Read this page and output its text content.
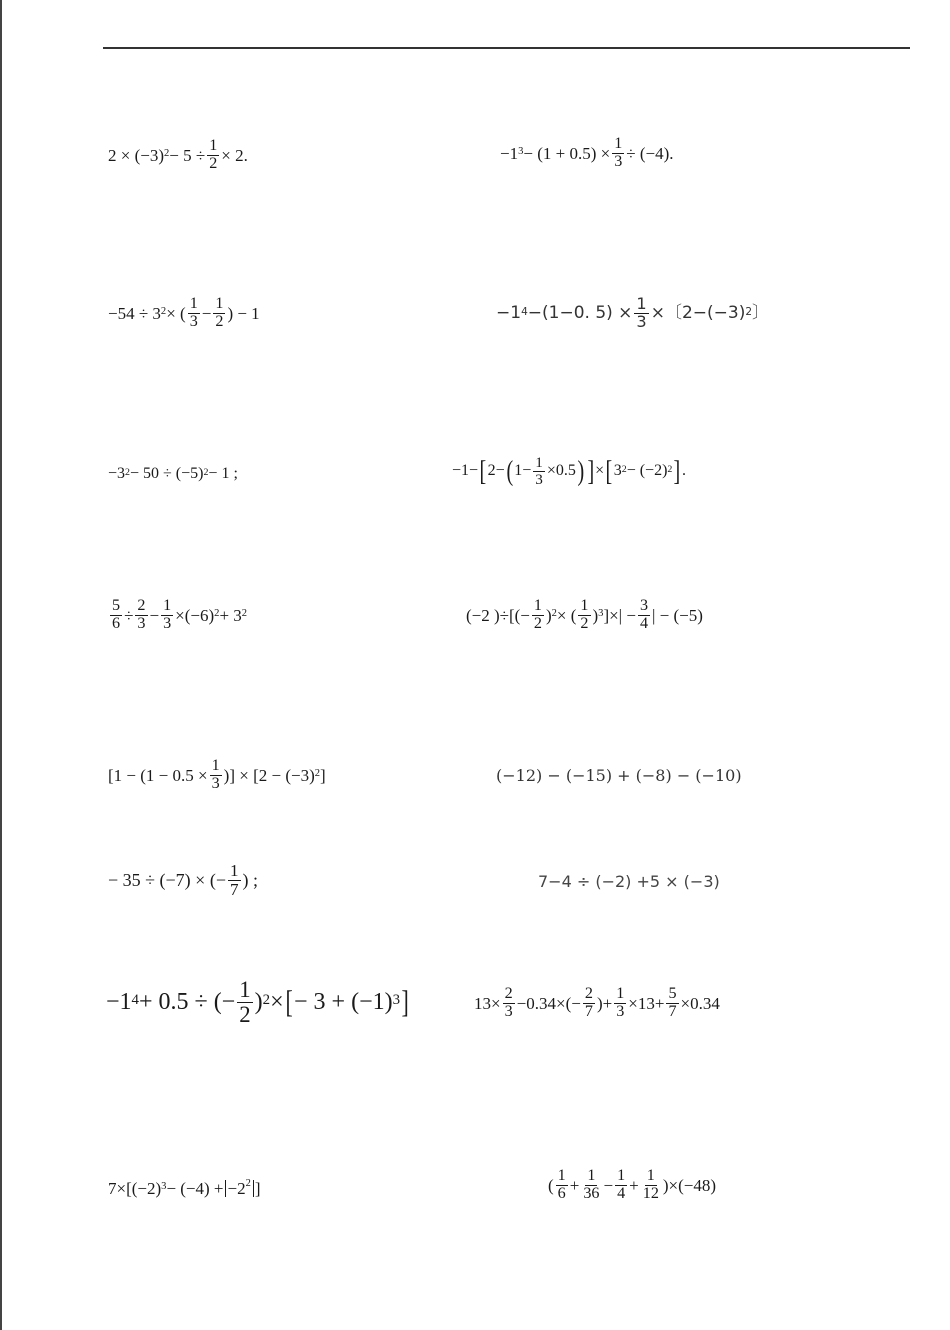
$2 \times (-3)^2 - 5 \div \frac{1}{2} \times 2$.	$-1^3 - (1 + 0.5) \times \frac{1}{3} \div (-4)$.
$-54 \div 3^2$ × ( $\frac{1}{3} - \frac{1}{2}$ ) − 1	$-1^4 -(1-0$. $5) \times \frac{1}{3}$ ×〔$2-(-3)^2$ 〕
$-3^2 - 50 \div (-5)^2 - 1$ ;	−1− [ 2− ( $1- \frac{1}{3} \times 0.5$ ) ] × [ $3^2 - (-2)^2$ ] .
$\frac{5}{6} \div \frac{2}{3} - \frac{1}{3} \times(-6)^2 + 3^2$	(−2 )÷[(− $\frac{1}{2} )^2$ × ( $\frac{1}{2} )^3$ ]×| − $\frac{3}{4}$ | − (−5)
[$1 - (1 - 0.5 \times \frac{1}{3}$ )] × [$2 - (-3)^2$ ]	(−12) − (−15) + (−8) − (−10)
− 35 ÷ (−7) × (− $\frac{1}{7}$ ) ;	7−4 ÷ (−2) +5 × (−3)
$-1^4 + 0.5$ ÷ (− $\frac{1}{2} )^2$ × [ − $3 + (-1)^3$ ]	$13\times \frac{2}{3} -0.34\times(- \frac{2}{7}$ )+ $\frac{1}{3} \times 13+ \frac{5}{7} \times 0.34$
$7\times[(-2)^3 - (-4) + -2^2$ ]	( $\frac{1}{6} + \frac{1}{36} - \frac{1}{4} + \frac{1}{12} )\times(-48)$
